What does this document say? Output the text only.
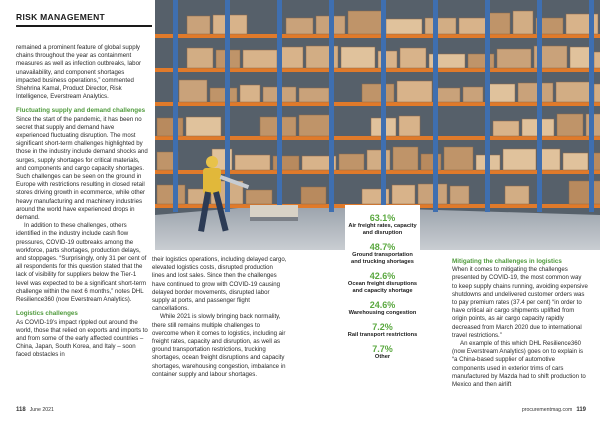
RISK MANAGEMENT

remained a prominent feature of global supply chains throughout the year as containment measures as well as infection outbreaks, labor unavailability, and component shortages impacted business operations,” commented Shehrina Kamal, Product Director, Risk Intelligence, Everstream Analytics.

Fluctuating supply and demand challenges

Since the start of the pandemic, it has been no secret that supply and demand have experienced fluctuating disruption. The most significant short-term challenges highlighted by those in the industry include demand shocks and surges, supply shortages for critical materials, and components and cargo capacity shortages. Such challenges can be seen on the ground in Europe with restrictions resulting in closed retail stores driving growth in ecommerce, while other heavy manufacturing and machinery industries around the world have experienced drops in demand.

In addition to these challenges, others identified in the industry include cash flow pressures, COVID-19 outbreaks among the workforce, parts shortages, production delays, and stoppages. “Surprisingly, only 31 per cent of all respondents for this question stated that the lack of visibility for suppliers below the Tier-1 level was expected to be a significant short-term challenge within the next 6 months,” notes DHL Resilience360 (now Everstream Analytics).

Logistics challenges

As COVID-19’s impact rippled out around the world, those that relied on exports and imports to and from some of the early affected countries – China, Japan, South Korea, and Italy – soon faced obstacles in

their logistics operations, including delayed cargo, elevated logistics costs, disrupted production lines and lost sales. Since then the challenges have continued to grow with COVID-19 causing delayed border movements, disrupted labor supply at ports, and passenger flight cancellations.

While 2021 is slowly bringing back normality, there still remains multiple challenges to overcome when it comes to logistics, including air freight rates, capacity and disruption, as well as ground transportation restrictions, trucking shortages, ocean freight disruptions and capacity shortages, warehousing congestion, imbalance in container supply and labour shortages.

63.1%
Air freight rates, capacity and disruption
48.7%
Ground transportation and trucking shortages
42.6%
Ocean freight disruptions and capacity shortage
24.6%
Warehousing congestion
7.2%
Rail transport restrictions
7.7%
Other

Mitigating the challenges in logistics

When it comes to mitigating the challenges presented by COVID-19, the most common way to keep supply chains running, avoiding expensive shutdowns and undelivered customer orders was to pay premium rates (37.4 per cent) “in order to have critical air cargo shipments uplifted from origin points, as air cargo capacity rapidly decreased from March 2020 due to international travel restrictions.”

An example of this which DHL Resilience360 (now Everstream Analytics) goes on to explain is “a China-based supplier of automotive components used in exterior trims of cars manufactured by Mazda had to shift production to Mexico and then airlift

118 June 2021	procurementmag.com 119
